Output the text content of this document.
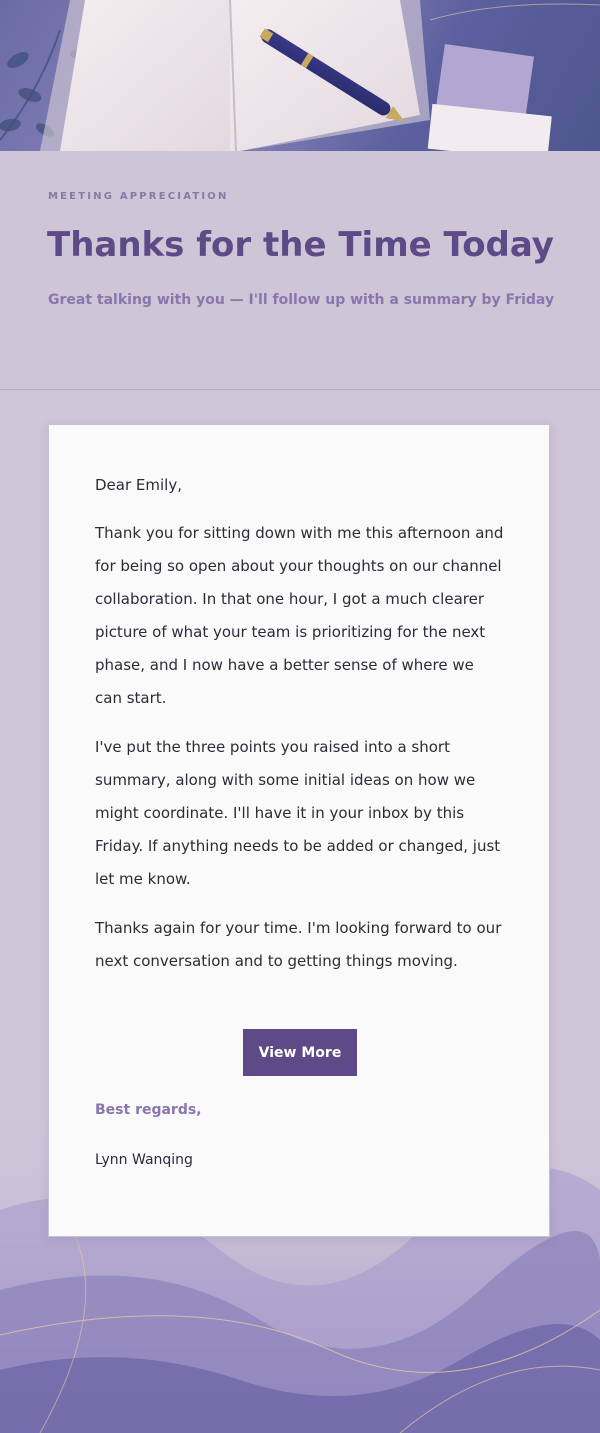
MEETING APPRECIATION
Thanks for the Time Today
Great talking with you — I'll follow up with a summary by Friday

Dear Emily,

Thank you for sitting down with me this afternoon and for being so open about your thoughts on our channel collaboration. In that one hour, I got a much clearer picture of what your team is prioritizing for the next phase, and I now have a better sense of where we can start.

I've put the three points you raised into a short summary, along with some initial ideas on how we might coordinate. I'll have it in your inbox by this Friday. If anything needs to be added or changed, just let me know.

Thanks again for your time. I'm looking forward to our next conversation and to getting things moving.

View More
Best regards,
Lynn Wanqing
